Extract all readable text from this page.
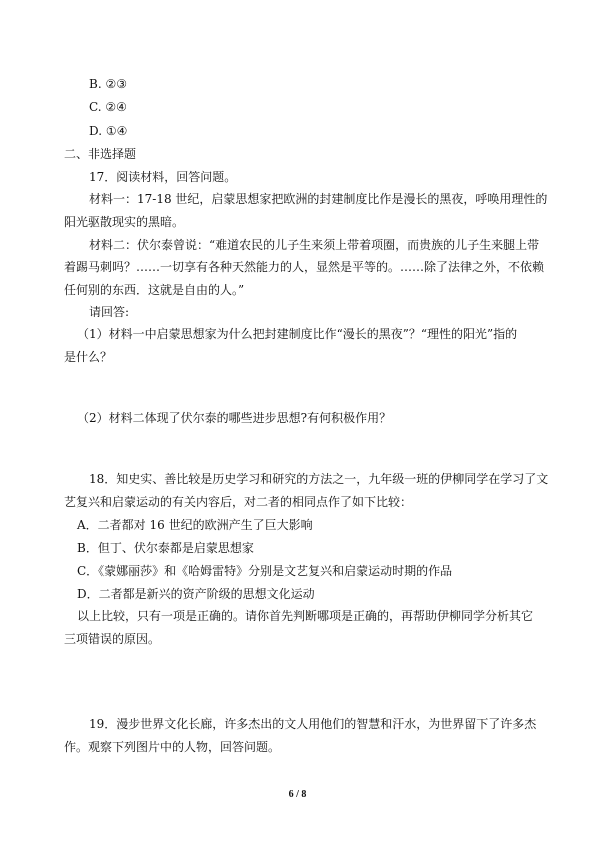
B. ②③
C. ②④
D. ①④
二、非选择题
17．阅读材料，回答问题。
材料一：17-18 世纪，启蒙思想家把欧洲的封建制度比作是漫长的黑夜，呼唤用理性的
阳光驱散现实的黑暗。
材料二：伏尔泰曾说：“难道农民的儿子生来须上带着项圈，而贵族的儿子生来腿上带
着踢马刺吗？……一切享有各种天然能力的人，显然是平等的。……除了法律之外，不依赖
任何别的东西．这就是自由的人。”
请回答:
（1）材料一中启蒙思想家为什么把封建制度比作“漫长的黑夜”？“理性的阳光”指的
是什么？
（2）材料二体现了伏尔泰的哪些进步思想?有何积极作用？
18．知史实、善比较是历史学习和研究的方法之一，九年级一班的伊柳同学在学习了文
艺复兴和启蒙运动的有关内容后，对二者的相同点作了如下比较：
A．二者都对 16 世纪的欧洲产生了巨大影响
B．但丁、伏尔泰都是启蒙思想家
C．《蒙娜丽莎》和《哈姆雷特》分别是文艺复兴和启蒙运动时期的作品
D．二者都是新兴的资产阶级的思想文化运动
以上比较，只有一项是正确的。请你首先判断哪项是正确的，再帮助伊柳同学分析其它
三项错误的原因。
19．漫步世界文化长廊，许多杰出的文人用他们的智慧和汗水，为世界留下了许多杰
作。观察下列图片中的人物，回答问题。
6 / 8
